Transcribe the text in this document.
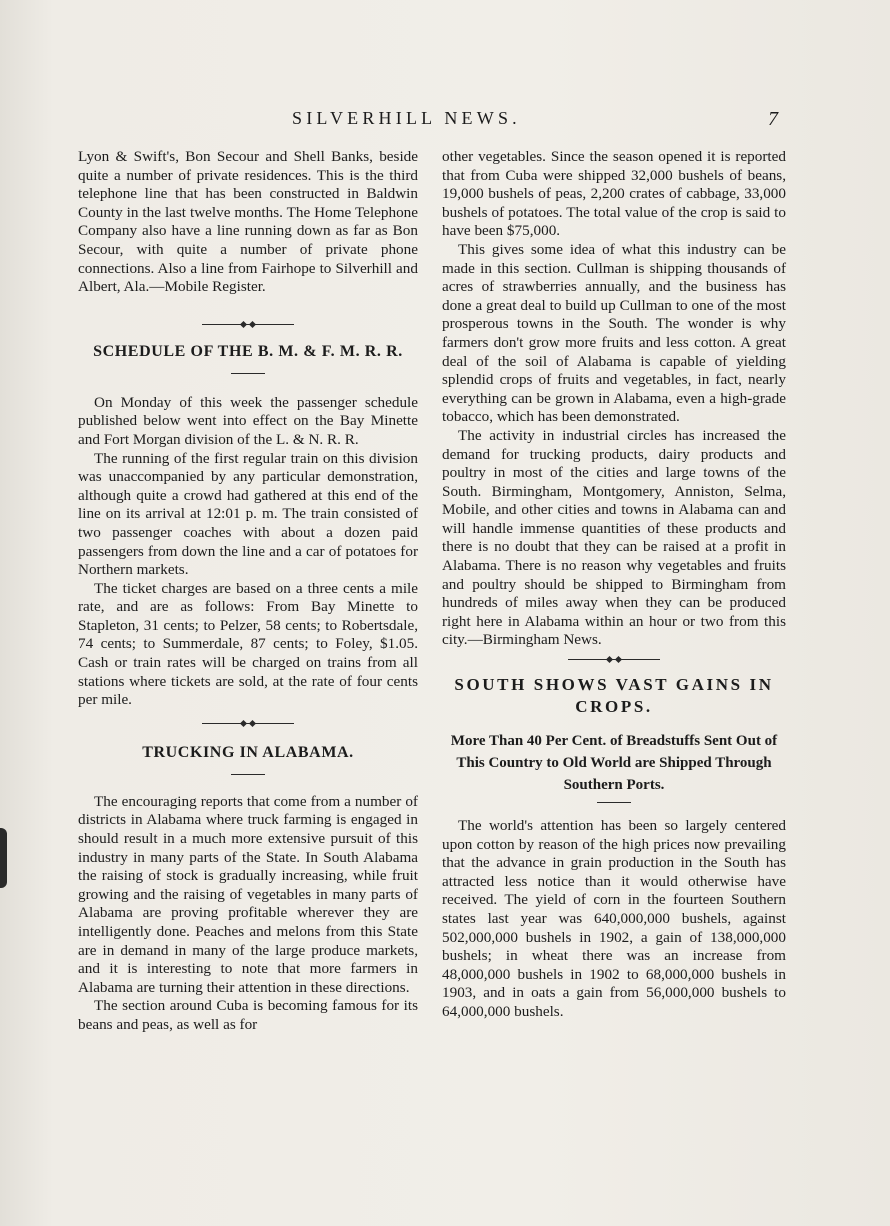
SILVERHILL NEWS.	7

Lyon & Swift's, Bon Secour and Shell Banks, beside quite a number of private residences. This is the third telephone line that has been constructed in Baldwin County in the last twelve months. The Home Telephone Company also have a line running down as far as Bon Secour, with quite a number of private phone connections. Also a line from Fairhope to Silverhill and Albert, Ala.—Mobile Register.

SCHEDULE OF THE B. M. & F. M. R. R.

On Monday of this week the passenger schedule published below went into effect on the Bay Minette and Fort Morgan division of the L. & N. R. R.

The running of the first regular train on this division was unaccompanied by any particular demonstration, although quite a crowd had gathered at this end of the line on its arrival at 12:01 p. m. The train consisted of two passenger coaches with about a dozen paid passengers from down the line and a car of potatoes for Northern markets.

The ticket charges are based on a three cents a mile rate, and are as follows: From Bay Minette to Stapleton, 31 cents; to Pelzer, 58 cents; to Robertsdale, 74 cents; to Summerdale, 87 cents; to Foley, $1.05. Cash or train rates will be charged on trains from all stations where tickets are sold, at the rate of four cents per mile.

TRUCKING IN ALABAMA.

The encouraging reports that come from a number of districts in Alabama where truck farming is engaged in should result in a much more extensive pursuit of this industry in many parts of the State. In South Alabama the raising of stock is gradually increasing, while fruit growing and the raising of vegetables in many parts of Alabama are proving profitable wherever they are intelligently done. Peaches and melons from this State are in demand in many of the large produce markets, and it is interesting to note that more farmers in Alabama are turning their attention in these directions.

The section around Cuba is becoming famous for its beans and peas, as well as for

other vegetables. Since the season opened it is reported that from Cuba were shipped 32,000 bushels of beans, 19,000 bushels of peas, 2,200 crates of cabbage, 33,000 bushels of potatoes. The total value of the crop is said to have been $75,000.

This gives some idea of what this industry can be made in this section. Cullman is shipping thousands of acres of strawberries annually, and the business has done a great deal to build up Cullman to one of the most prosperous towns in the South. The wonder is why farmers don't grow more fruits and less cotton. A great deal of the soil of Alabama is capable of yielding splendid crops of fruits and vegetables, in fact, nearly everything can be grown in Alabama, even a high-grade tobacco, which has been demonstrated.

The activity in industrial circles has increased the demand for trucking products, dairy products and poultry in most of the cities and large towns of the South. Birmingham, Montgomery, Anniston, Selma, Mobile, and other cities and towns in Alabama can and will handle immense quantities of these products and there is no doubt that they can be raised at a profit in Alabama. There is no reason why vegetables and fruits and poultry should be shipped to Birmingham from hundreds of miles away when they can be produced right here in Alabama within an hour or two from this city.—Birmingham News.

SOUTH SHOWS VAST GAINS IN CROPS.
More Than 40 Per Cent. of Breadstuffs Sent Out of This Country to Old World are Shipped Through Southern Ports.

The world's attention has been so largely centered upon cotton by reason of the high prices now prevailing that the advance in grain production in the South has attracted less notice than it would otherwise have received. The yield of corn in the fourteen Southern states last year was 640,000,000 bushels, against 502,000,000 bushels in 1902, a gain of 138,000,000 bushels; in wheat there was an increase from 48,000,000 bushels in 1902 to 68,000,000 bushels in 1903, and in oats a gain from 56,000,000 bushels to 64,000,000 bushels.
